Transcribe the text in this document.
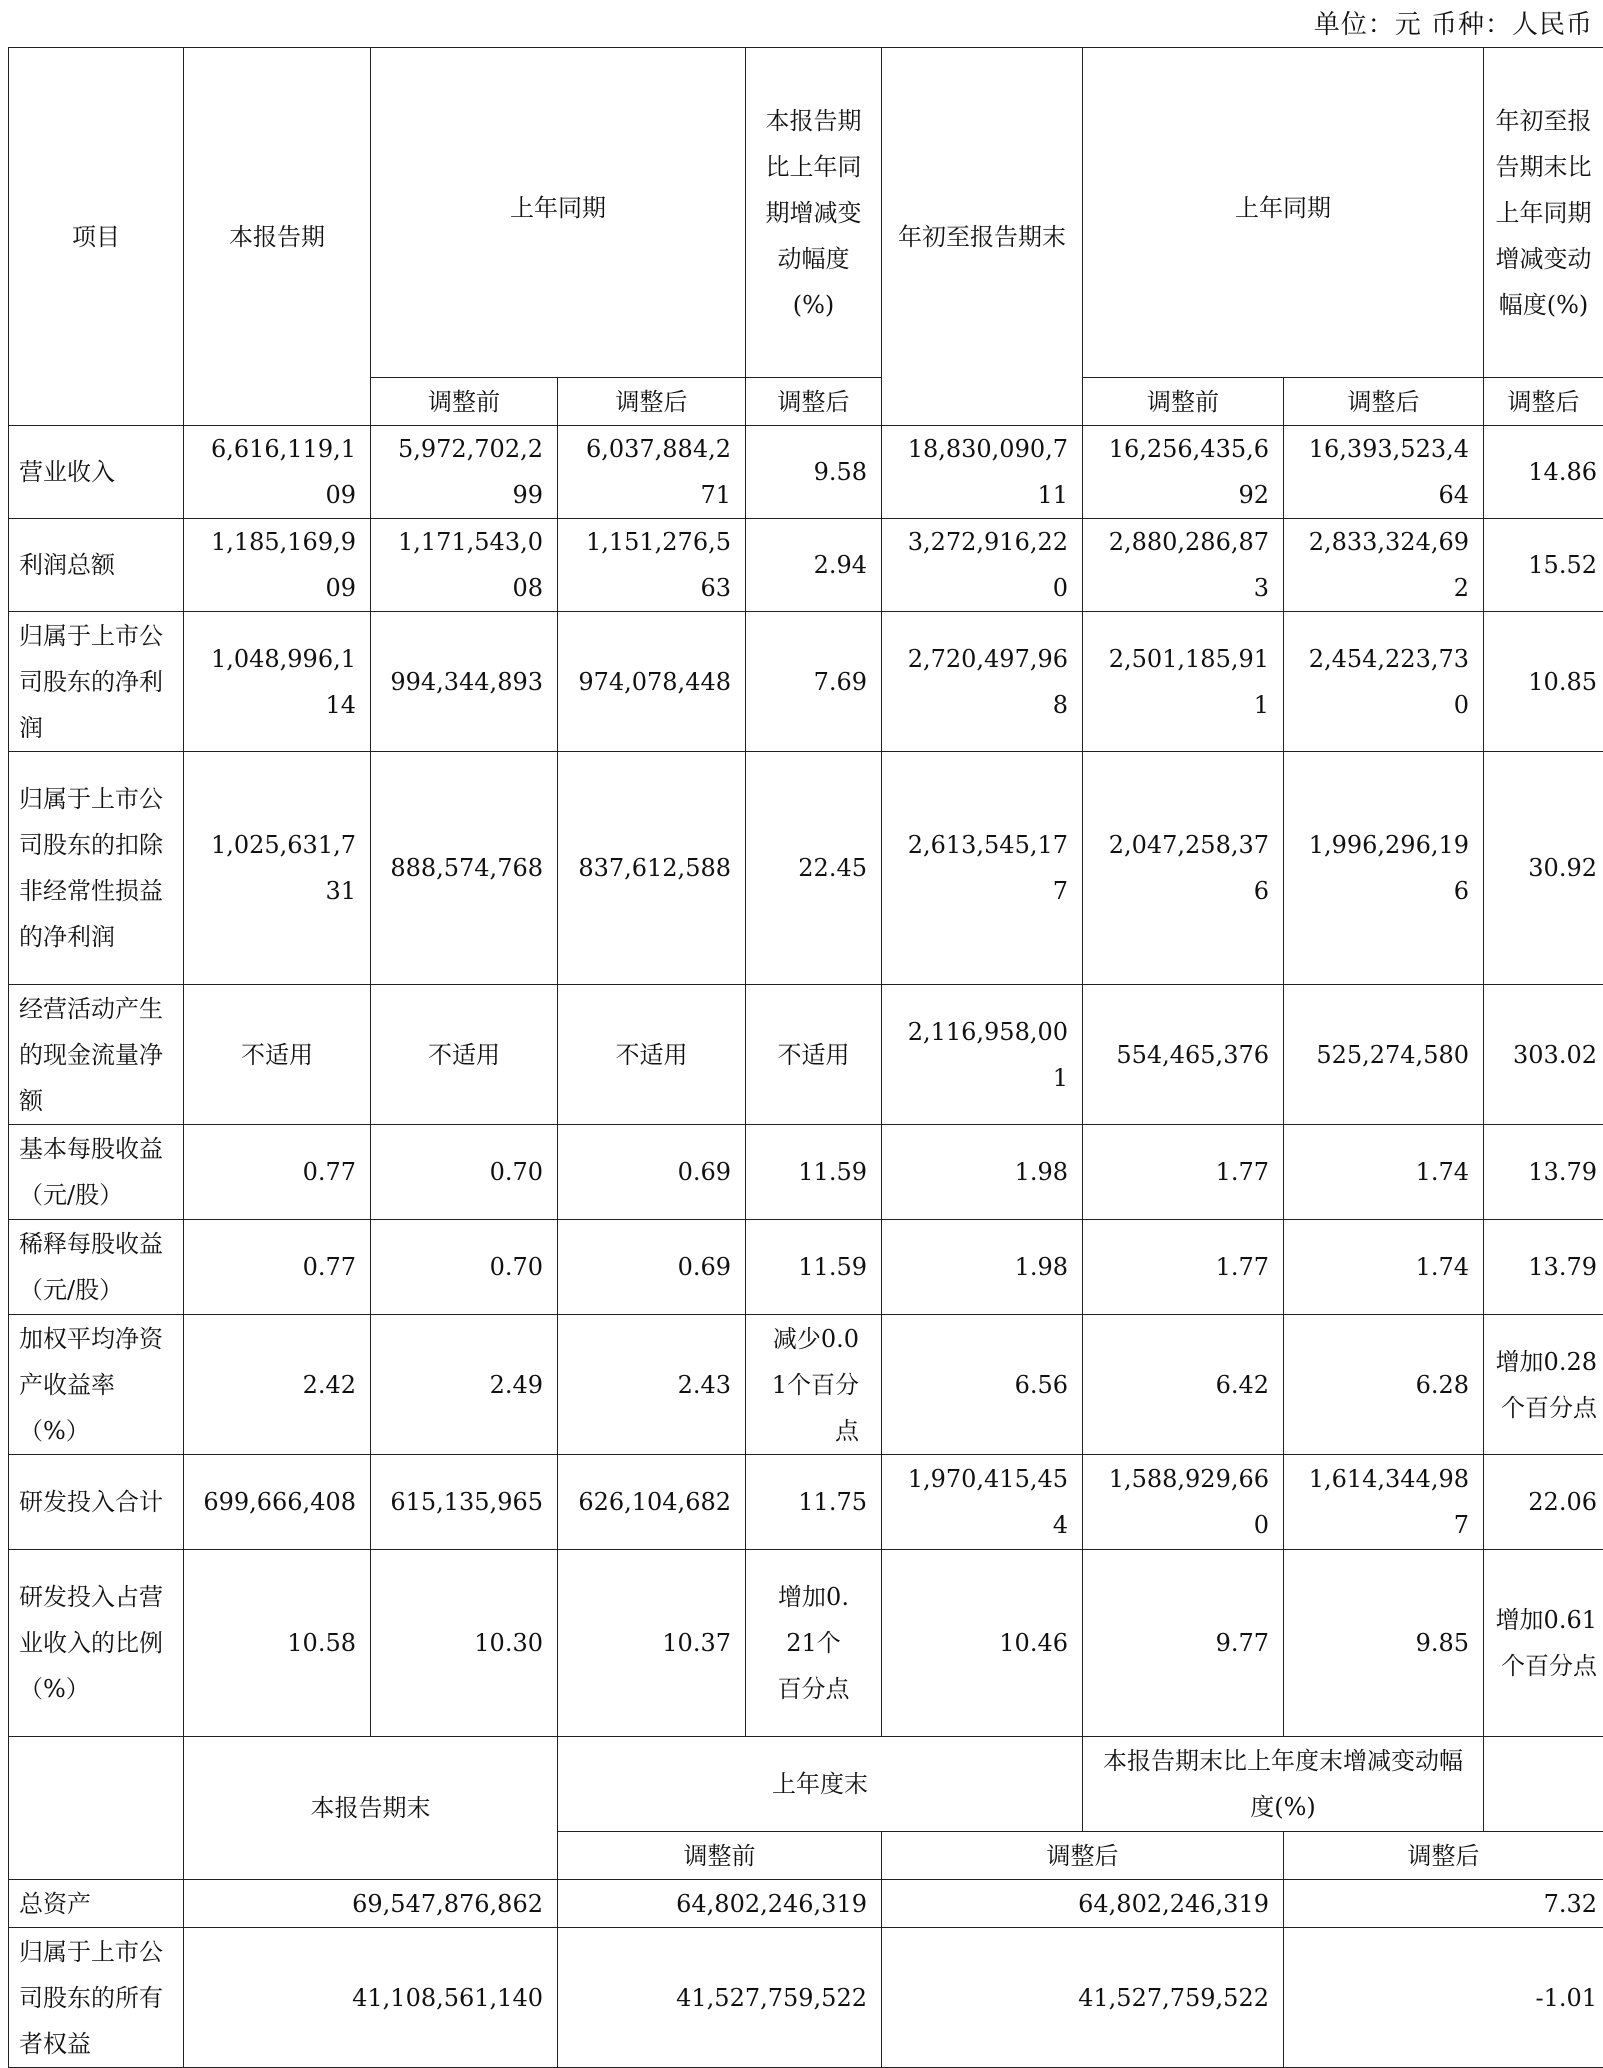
单位：元 币种：人民币
项目	本报告期	上年同期		本报告期比上年同期增减变动幅度(%)	年初至报告期末	上年同期		年初至报告期末比上年同期增减变动幅度(%)
		调整前	调整后	调整后		调整前	调整后	调整后
营业收入	6,616,119,109	5,972,702,299	6,037,884,271	9.58	18,830,090,711	16,256,435,692	16,393,523,464	14.86
利润总额	1,185,169,909	1,171,543,008	1,151,276,563	2.94	3,272,916,220	2,880,286,873	2,833,324,692	15.52
归属于上市公司股东的净利润	1,048,996,114	994,344,893	974,078,448	7.69	2,720,497,968	2,501,185,911	2,454,223,730	10.85
归属于上市公司股东的扣除非经常性损益的净利润	1,025,631,731	888,574,768	837,612,588	22.45	2,613,545,177	2,047,258,376	1,996,296,196	30.92
经营活动产生的现金流量净额	不适用	不适用	不适用	不适用	2,116,958,001	554,465,376	525,274,580	303.02
基本每股收益（元/股）	0.77	0.70	0.69	11.59	1.98	1.77	1.74	13.79
稀释每股收益（元/股）	0.77	0.70	0.69	11.59	1.98	1.77	1.74	13.79
加权平均净资产收益率（%）	2.42	2.49	2.43	减少0.01个百分点	6.56	6.42	6.28	增加0.28个百分点
研发投入合计	699,666,408	615,135,965	626,104,682	11.75	1,970,415,454	1,588,929,660	1,614,344,987	22.06
研发投入占营业收入的比例（%）	10.58	10.30	10.37	增加0.21个百分点	10.46	9.77	9.85	增加0.61个百分点
	本报告期末		上年度末			本报告期末比上年度末增减变动幅度(%)		
			调整前		调整后		调整后	
总资产	69,547,876,862		64,802,246,319		64,802,246,319		7.32	
归属于上市公司股东的所有者权益	41,108,561,140		41,527,759,522		41,527,759,522		-1.01	
